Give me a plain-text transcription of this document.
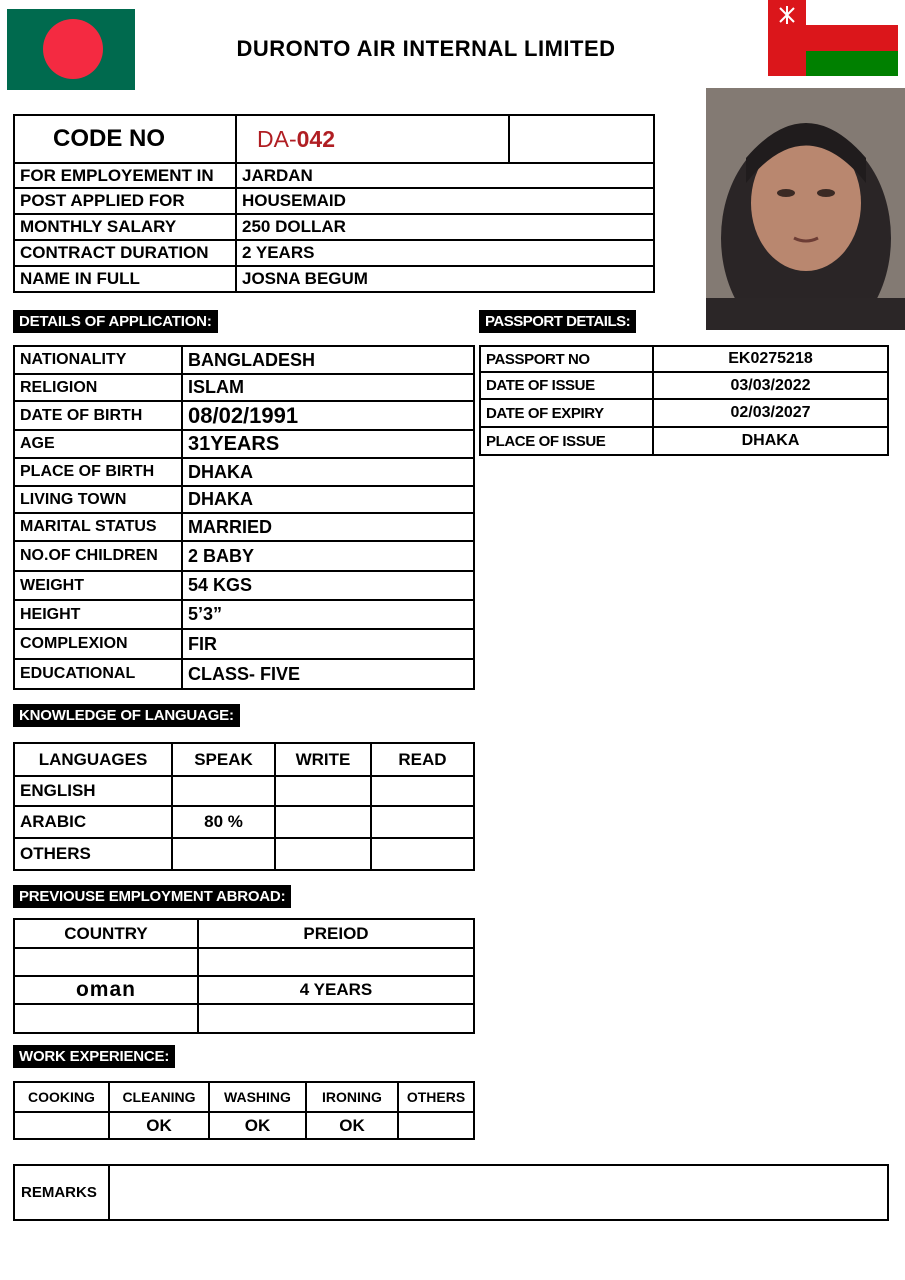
DURONTO AIR INTERNAL LIMITED
CODE NO	DA-042	
FOR EMPLOYEMENT IN	JARDAN	
POST APPLIED FOR	HOUSEMAID	
MONTHLY SALARY	250 DOLLAR	
CONTRACT DURATION	2 YEARS	
NAME IN FULL	JOSNA BEGUM	
DETAILS OF APPLICATION:
NATIONALITY	BANGLADESH
RELIGION	ISLAM
DATE OF BIRTH	08/02/1991
AGE	31YEARS
PLACE OF BIRTH	DHAKA
LIVING TOWN	DHAKA
MARITAL STATUS	MARRIED
NO.OF CHILDREN	2 BABY
WEIGHT	54 KGS
HEIGHT	5’3”
COMPLEXION	FIR
EDUCATIONAL	CLASS- FIVE
PASSPORT DETAILS:
PASSPORT NO	EK0275218
DATE OF ISSUE	03/03/2022
DATE OF EXPIRY	02/03/2027
PLACE OF ISSUE	DHAKA
KNOWLEDGE OF LANGUAGE:
LANGUAGES	SPEAK	WRITE	READ
ENGLISH			
ARABIC	80 %		
OTHERS			
PREVIOUSE EMPLOYMENT ABROAD:
COUNTRY	PREIOD

oman	4 YEARS

WORK EXPERIENCE:
COOKING	CLEANING	WASHING	IRONING	OTHERS
	OK	OK	OK	
REMARKS	
